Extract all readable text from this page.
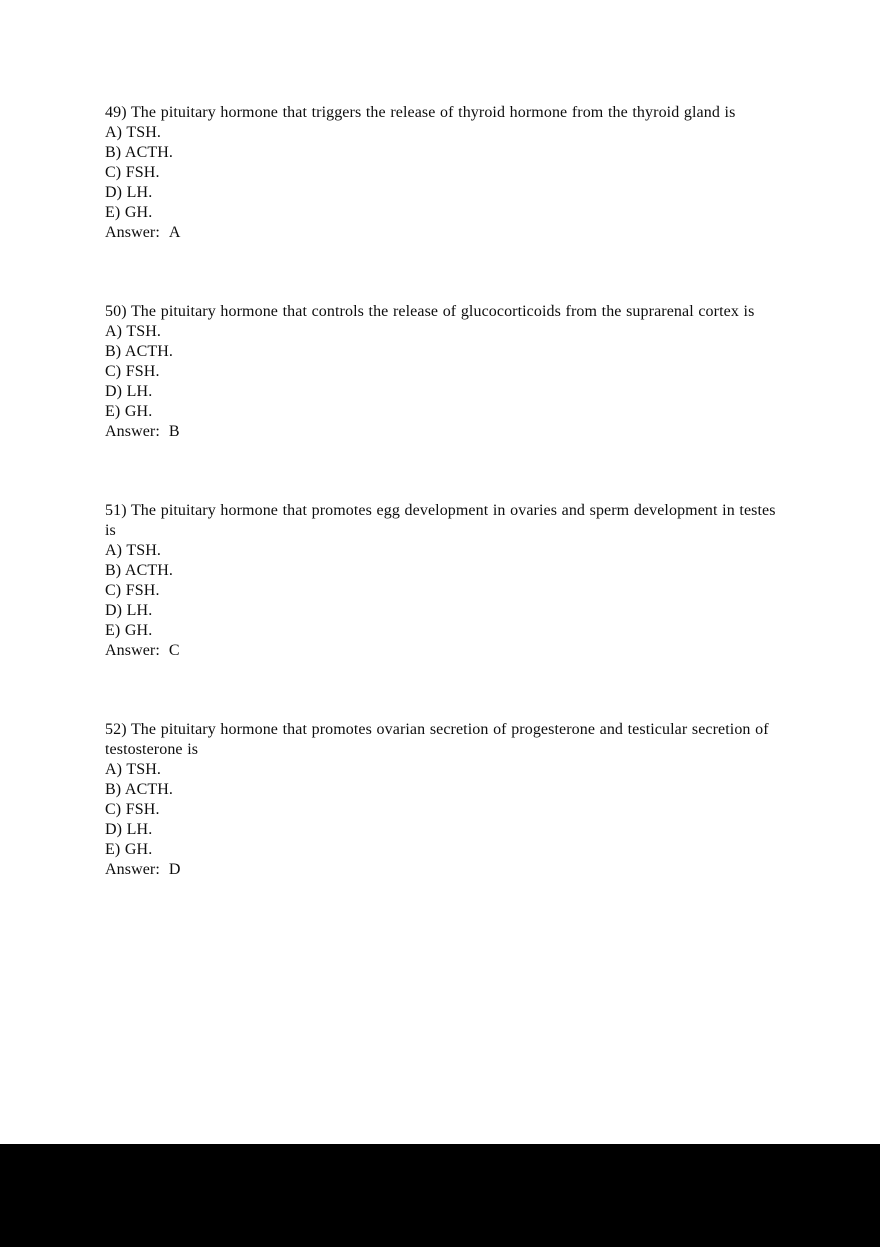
49) The pituitary hormone that triggers the release of thyroid hormone from the thyroid gland is

A) TSH.

B) ACTH.

C) FSH.

D) LH.

E) GH.

Answer: A

50) The pituitary hormone that controls the release of glucocorticoids from the suprarenal cortex is

A) TSH.

B) ACTH.

C) FSH.

D) LH.

E) GH.

Answer: B

51) The pituitary hormone that promotes egg development in ovaries and sperm development in testes is

A) TSH.

B) ACTH.

C) FSH.

D) LH.

E) GH.

Answer: C

52) The pituitary hormone that promotes ovarian secretion of progesterone and testicular secretion of testosterone is

A) TSH.

B) ACTH.

C) FSH.

D) LH.

E) GH.

Answer: D
